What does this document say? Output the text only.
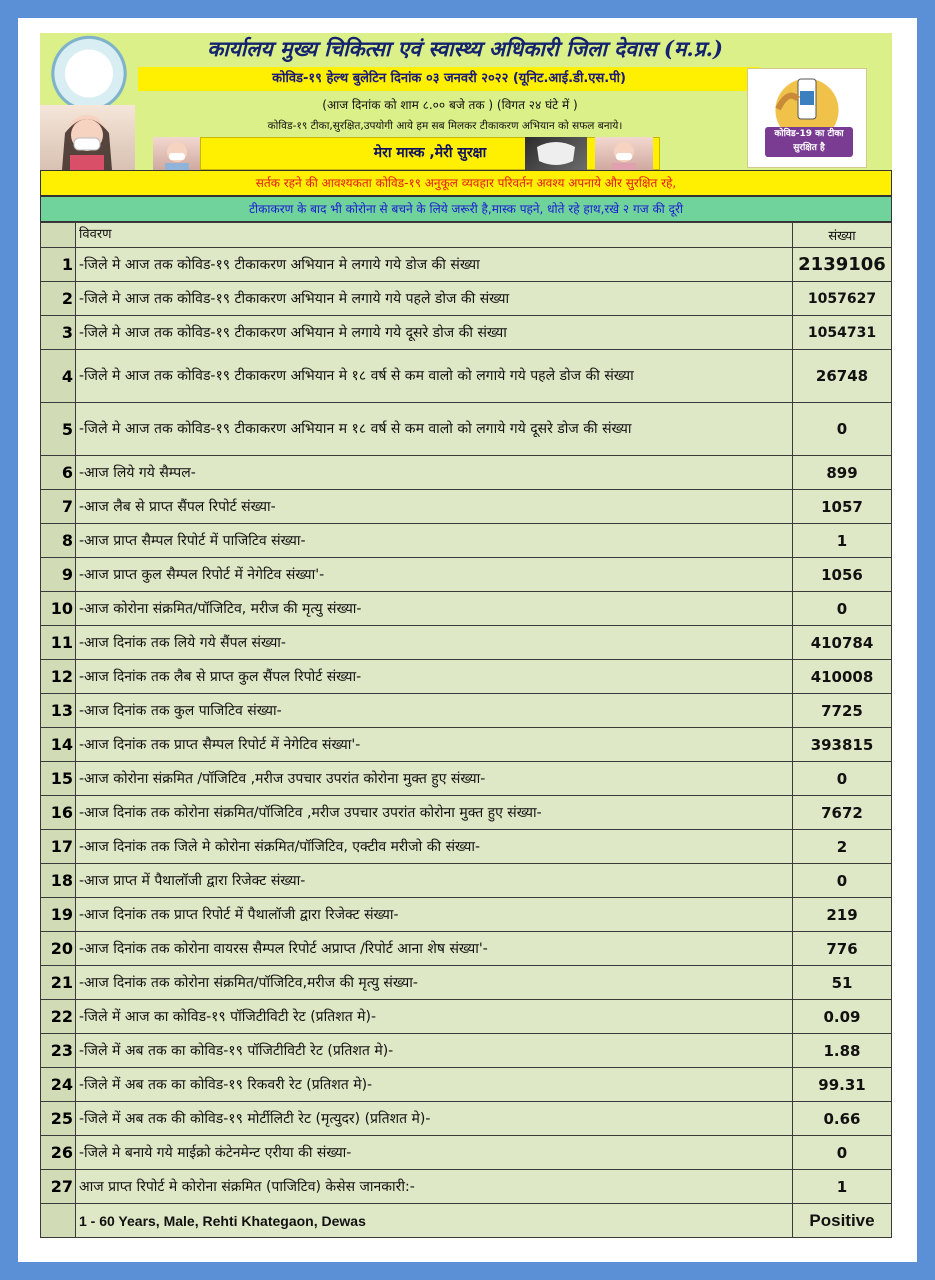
कार्यालय मुख्य चिकित्सा एवं स्वास्थ्य अधिकारी जिला देवास (म.प्र.)
कोविड-१९ हेल्थ बुलेटिन दिनांक ०३ जनवरी २०२२ (यूनिट.आई.डी.एस.पी)
(आज दिनांक को शाम ८.०० बजे तक ) (विगत २४ घंटे में )
कोविड-१९ टीका,सुरक्षित,उपयोगी आये हम सब मिलकर टीकाकरण अभियान को सफल बनाये।
मेरा मास्क ,मेरी सुरक्षा
कोविड-19 का टीका सुरक्षित है
सर्तक रहने की आवश्यकता कोविड-१९ अनुकूल व्यवहार परिवर्तन अवश्य अपनाये और सुरक्षित रहे,
टीकाकरण के बाद भी कोरोना से बचने के लिये जरूरी है,मास्क पहने, धोते रहे हाथ,रखे २ गज की दूरी
	विवरण	संख्या
1	-जिले मे आज तक कोविड-१९ टीकाकरण अभियान मे लगाये गये डोज की संख्या	2139106
2	-जिले मे आज तक कोविड-१९ टीकाकरण अभियान मे लगाये गये पहले डोज की संख्या	1057627
3	-जिले मे आज तक कोविड-१९ टीकाकरण अभियान मे लगाये गये दूसरे डोज की संख्या	1054731
4	-जिले मे आज तक कोविड-१९ टीकाकरण अभियान मे १८ वर्ष से कम वालो को लगाये गये पहले डोज की संख्या	26748
5	-जिले मे आज तक कोविड-१९ टीकाकरण अभियान म १८ वर्ष से कम वालो को लगाये गये दूसरे डोज की संख्या	0
6	-आज लिये गये सैम्पल-	899
7	-आज लैब से प्राप्त सैंपल रिपोर्ट संख्या-	1057
8	-आज प्राप्त सैम्पल रिपोर्ट में पाजिटिव संख्या-	1
9	-आज प्राप्त कुल सैम्पल रिपोर्ट में नेगेटिव संख्या'-	1056
10	-आज कोरोना संक्रमित/पॉजिटिव, मरीज की मृत्यु संख्या-	0
11	-आज दिनांक तक लिये गये सैंपल संख्या-	410784
12	-आज दिनांक तक लैब से प्राप्त कुल सैंपल रिपोर्ट संख्या-	410008
13	-आज दिनांक तक कुल पाजिटिव संख्या-	7725
14	-आज दिनांक तक प्राप्त सैम्पल रिपोर्ट में नेगेटिव संख्या'-	393815
15	-आज कोरोना संक्रमित /पॉजिटिव ,मरीज उपचार उपरांत कोरोना मुक्त हुए संख्या-	0
16	-आज दिनांक तक कोरोना संक्रमित/पॉजिटिव ,मरीज उपचार उपरांत कोरोना मुक्त हुए संख्या-	7672
17	-आज दिनांक तक जिले मे कोरोना संक्रमित/पॉजिटिव, एक्टीव मरीजो की संख्या-	2
18	-आज प्राप्त में पैथालॉजी द्वारा रिजेक्ट संख्या-	0
19	-आज दिनांक तक प्राप्त रिपोर्ट में पैथालॉजी द्वारा रिजेक्ट संख्या-	219
20	-आज दिनांक तक कोरोना वायरस सैम्पल रिपोर्ट अप्राप्त /रिपोर्ट आना शेष संख्या'-	776
21	-आज दिनांक तक कोरोना संक्रमित/पॉजिटिव,मरीज की मृत्यु संख्या-	51
22	-जिले में आज का कोविड-१९ पॉजिटीविटी रेट (प्रतिशत मे)-	0.09
23	-जिले में अब तक का कोविड-१९ पॉजिटीविटी रेट (प्रतिशत मे)-	1.88
24	-जिले में अब तक का कोविड-१९ रिकवरी रेट (प्रतिशत मे)-	99.31
25	-जिले में अब तक की कोविड-१९ मोर्टीलिटी रेट (मृत्युदर) (प्रतिशत मे)-	0.66
26	-जिले मे बनाये गये माईक्रो कंटेनमेन्ट एरीया की संख्या-	0
27	आज प्राप्त रिपोर्ट मे कोरोना संक्रमित (पाजिटिव) केसेस जानकारी:-	1
	1 - 60 Years, Male, Rehti Khategaon, Dewas	Positive
